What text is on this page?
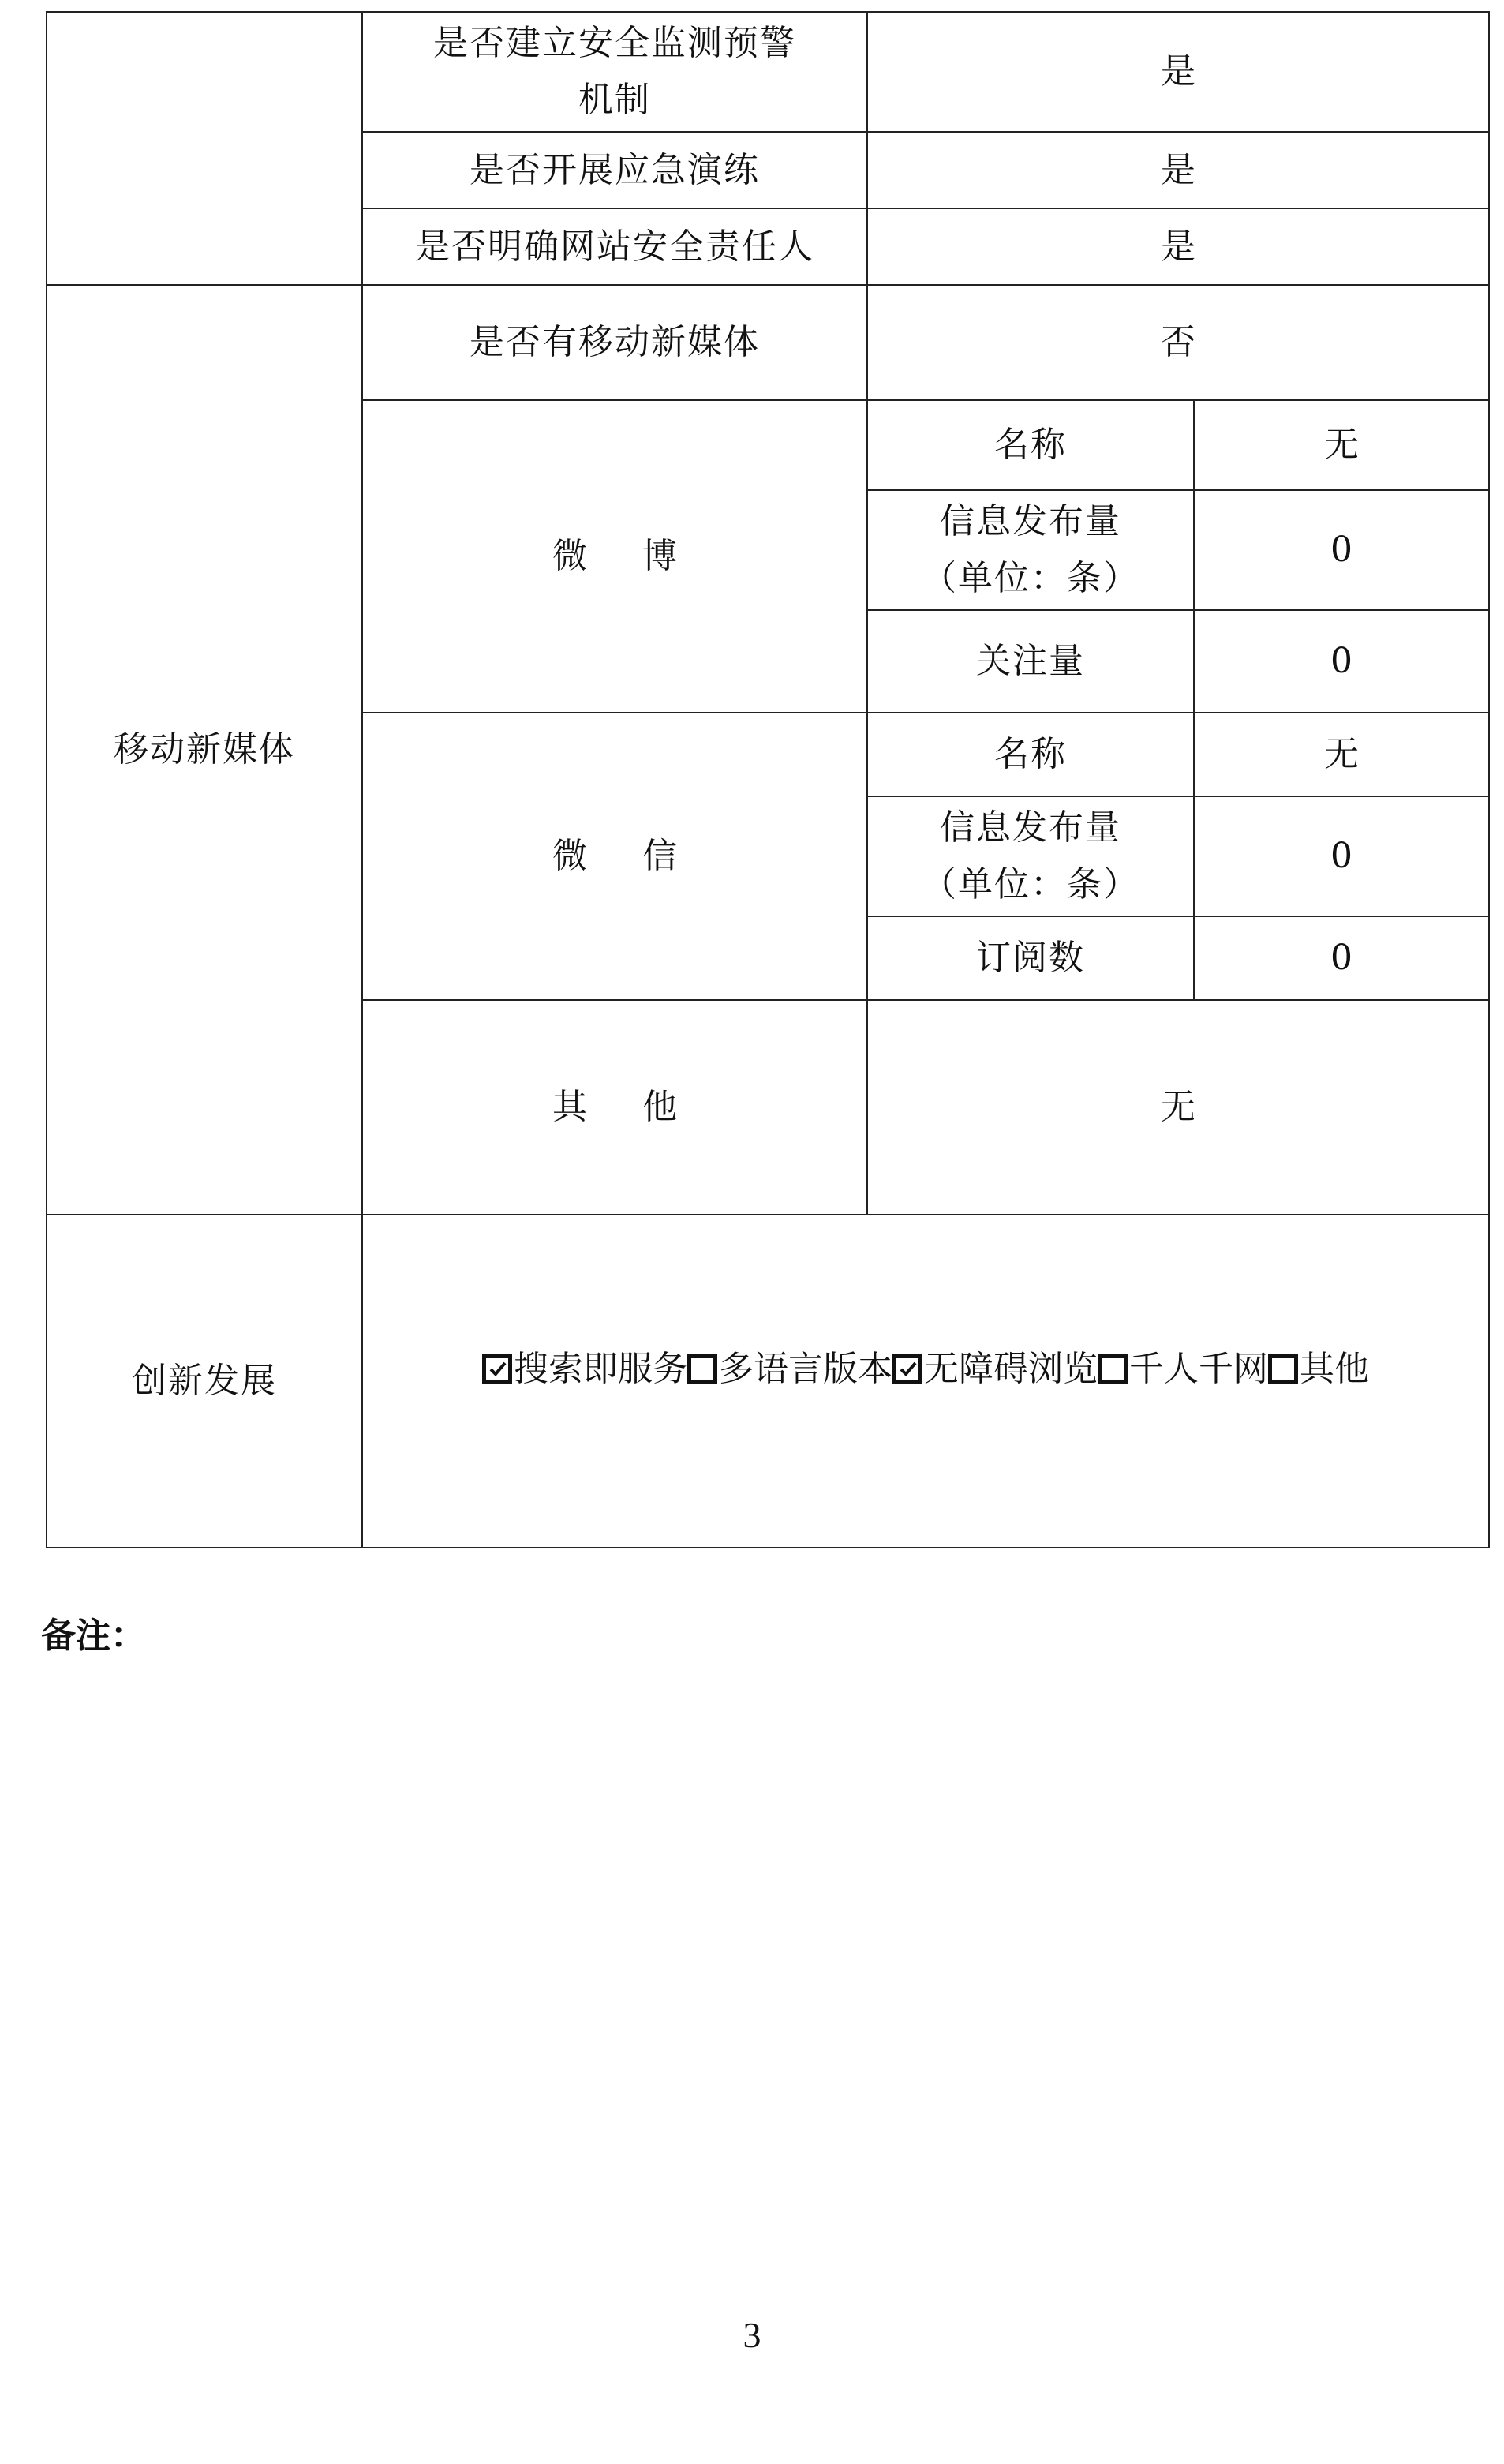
	是否建立安全监测预警
机制	是	
	是否开展应急演练	是	
	是否明确网站安全责任人	是	
移动新媒体	是否有移动新媒体	否	
	微 博	名称	无

		信息发布量
（单位：条）	0
		关注量	0
	微 信	名称	无

		信息发布量
（单位：条）	0
		订阅数	0
	其 他	无	
创新发展	搜索即服务 多语言版本 无障碍浏览 千人千网 其他		
备注：
3
